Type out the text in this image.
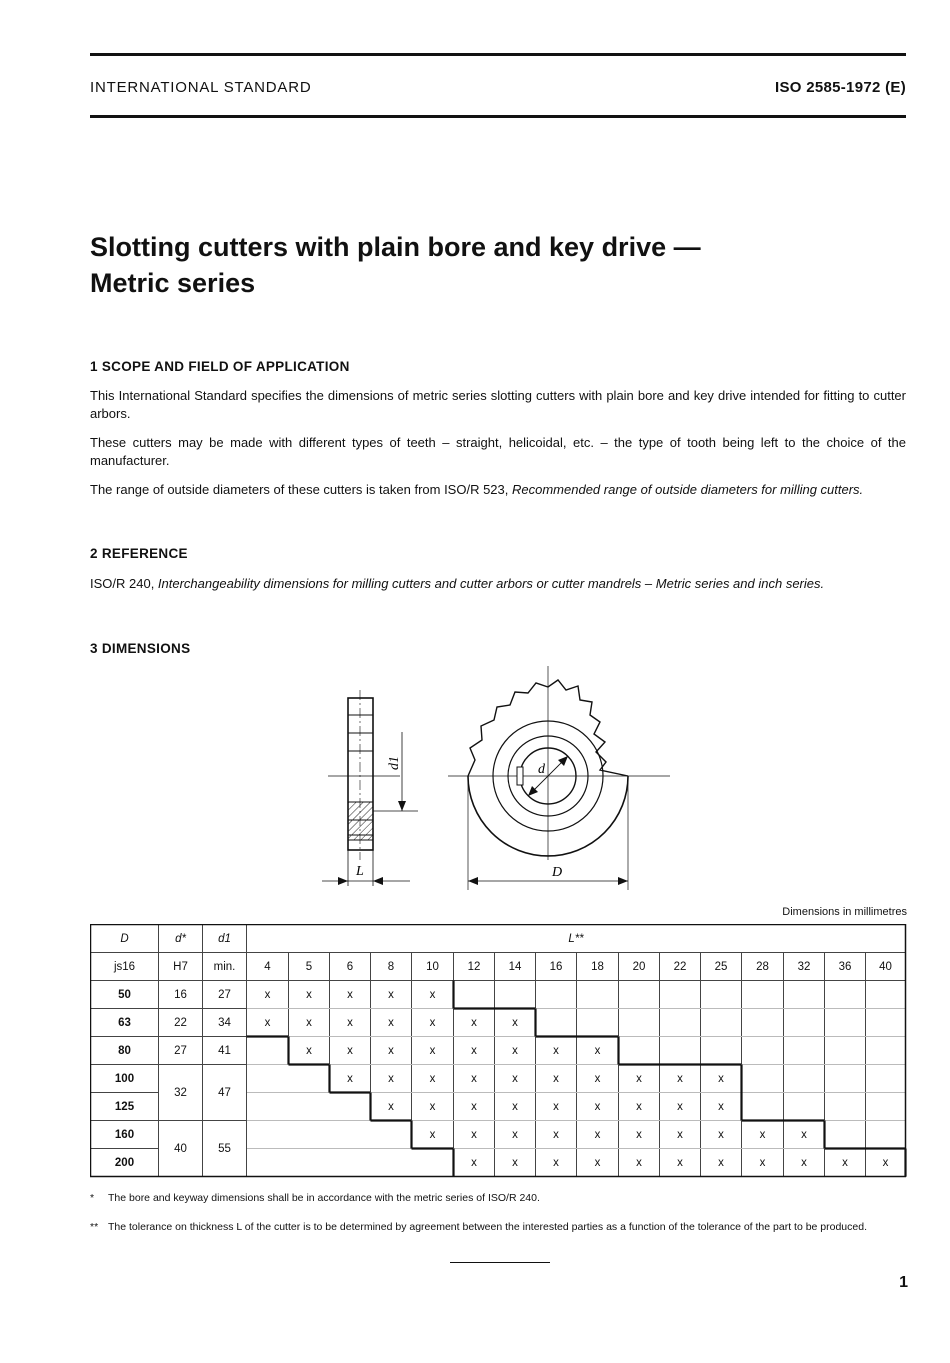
INTERNATIONAL STANDARD	ISO 2585-1972 (E)
Slotting cutters with plain bore and key drive —
Metric series
1 SCOPE AND FIELD OF APPLICATION

This International Standard specifies the dimensions of metric series slotting cutters with plain bore and key drive intended for fitting to cutter arbors.

These cutters may be made with different types of teeth – straight, helicoidal, etc. – the type of tooth being left to the choice of the manufacturer.

The range of outside diameters of these cutters is taken from ISO/R 523, Recommended range of outside diameters for milling cutters.

2 REFERENCE

ISO/R 240, Interchangeability dimensions for milling cutters and cutter arbors or cutter mandrels – Metric series and inch series.

3 DIMENSIONS
d1
L
d
D
Dimensions in millimetres
D	d*	d1	L**															
js16	H7	min.	4	5	6	8	10	12	14	16	18	20	22	25	28	32	36	40
50	16	27	x	x	x	x	x											
63	22	34	x	x	x	x	x	x	x									
80	27	41		x	x	x	x	x	x	x	x							
100	32	47			x	x	x	x	x	x	x	x	x	x				
125						x	x	x	x	x	x	x	x	x				
160	40	55					x	x	x	x	x	x	x	x	x	x		
200								x	x	x	x	x	x	x	x	x	x	x

* The bore and keyway dimensions shall be in accordance with the metric series of ISO/R 240.

** The tolerance on thickness L of the cutter is to be determined by agreement between the interested parties as a function of the tolerance of the part to be produced.

1
